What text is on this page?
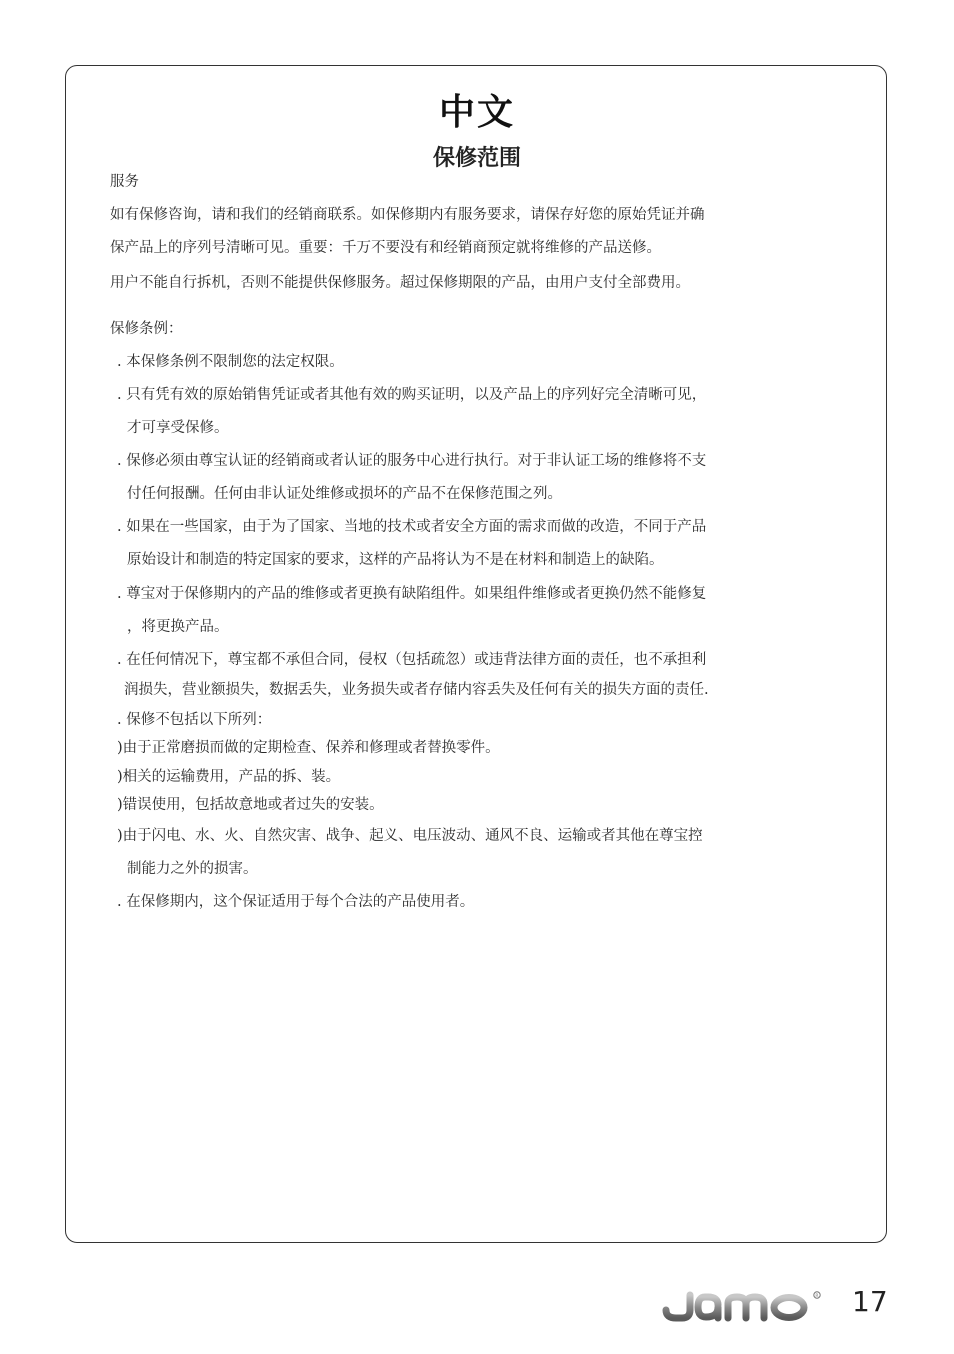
中文
保修范围
服务
如有保修咨询，请和我们的经销商联系。如保修期内有服务要求，请保存好您的原始凭证并确
保产品上的序列号清晰可见。重要：千万不要没有和经销商预定就将维修的产品送修。
用户不能自行拆机，否则不能提供保修服务。超过保修期限的产品，由用户支付全部费用。
保修条例：
. 本保修条例不限制您的法定权限。
. 只有凭有效的原始销售凭证或者其他有效的购买证明，以及产品上的序列好完全清晰可见，
才可享受保修。
. 保修必须由尊宝认证的经销商或者认证的服务中心进行执行。对于非认证工场的维修将不支
付任何报酬。任何由非认证处维修或损坏的产品不在保修范围之列。
. 如果在一些国家，由于为了国家、当地的技术或者安全方面的需求而做的改造，不同于产品
原始设计和制造的特定国家的要求，这样的产品将认为不是在材料和制造上的缺陷。
. 尊宝对于保修期内的产品的维修或者更换有缺陷组件。如果组件维修或者更换仍然不能修复
，将更换产品。
. 在任何情况下，尊宝都不承但合同，侵权（包括疏忽）或违背法律方面的责任，也不承担利
润损失，营业额损失，数据丢失，业务损失或者存储内容丢失及任何有关的损失方面的责任.
. 保修不包括以下所列：
)由于正常磨损而做的定期检查、保养和修理或者替换零件。
)相关的运输费用，产品的拆、装。
)错误使用，包括故意地或者过失的安装。
)由于闪电、水、火、自然灾害、战争、起义、电压波动、通风不良、运输或者其他在尊宝控
制能力之外的损害。
. 在保修期内，这个保证适用于每个合法的产品使用者。
R 17
